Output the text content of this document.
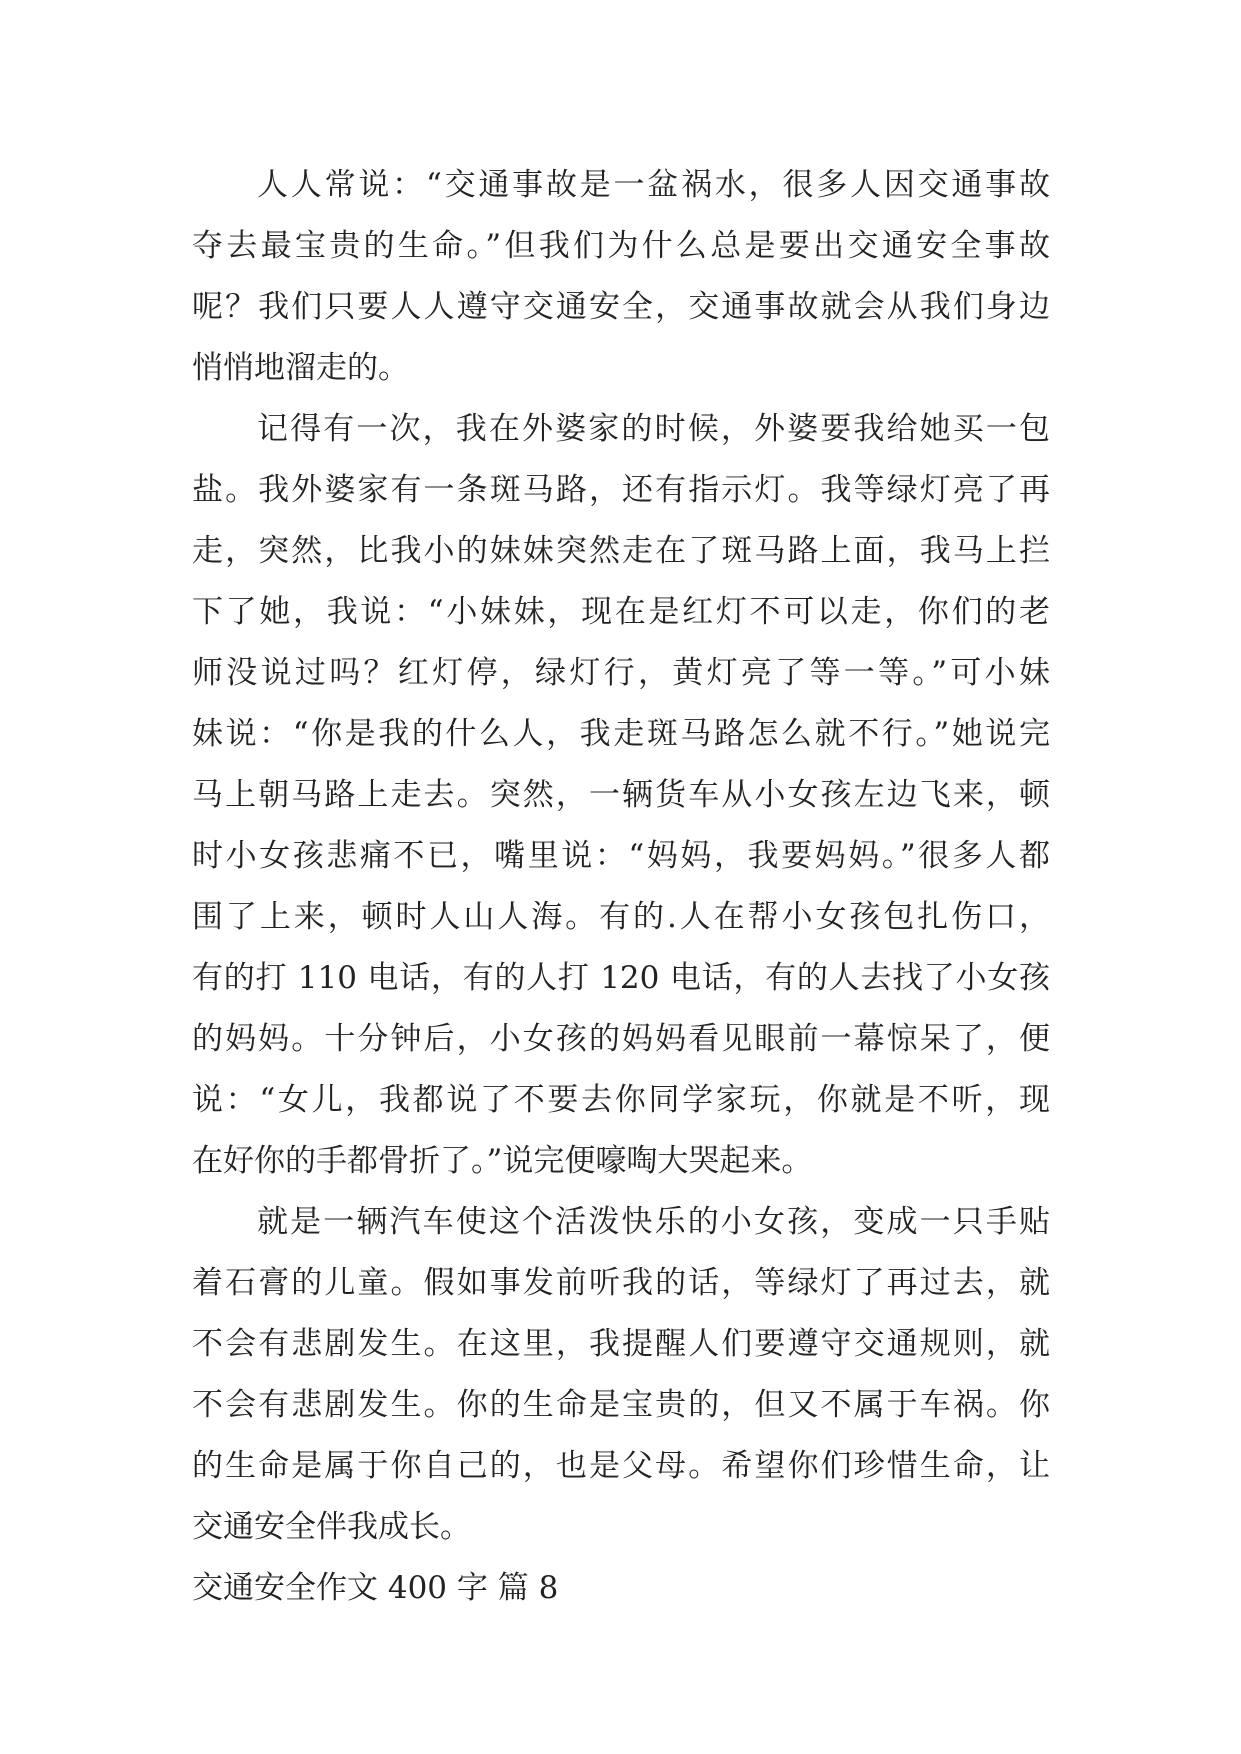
人人常说：“交通事故是一盆祸水，很多人因交通事故
夺去最宝贵的生命。”但我们为什么总是要出交通安全事故
呢？我们只要人人遵守交通安全，交通事故就会从我们身边
悄悄地溜走的。
记得有一次，我在外婆家的时候，外婆要我给她买一包
盐。我外婆家有一条斑马路，还有指示灯。我等绿灯亮了再
走，突然，比我小的妹妹突然走在了斑马路上面，我马上拦
下了她，我说：“小妹妹，现在是红灯不可以走，你们的老
师没说过吗？红灯停，绿灯行，黄灯亮了等一等。”可小妹
妹说：“你是我的什么人，我走斑马路怎么就不行。”她说完
马上朝马路上走去。突然，一辆货车从小女孩左边飞来，顿
时小女孩悲痛不已，嘴里说：“妈妈，我要妈妈。”很多人都
围了上来，顿时人山人海。有的.人在帮小女孩包扎伤口，
有的打 110 电话，有的人打 120 电话，有的人去找了小女孩
的妈妈。十分钟后，小女孩的妈妈看见眼前一幕惊呆了，便
说：“女儿，我都说了不要去你同学家玩，你就是不听，现
在好你的手都骨折了。”说完便嚎啕大哭起来。
就是一辆汽车使这个活泼快乐的小女孩，变成一只手贴
着石膏的儿童。假如事发前听我的话，等绿灯了再过去，就
不会有悲剧发生。在这里，我提醒人们要遵守交通规则，就
不会有悲剧发生。你的生命是宝贵的，但又不属于车祸。你
的生命是属于你自己的，也是父母。希望你们珍惜生命，让
交通安全伴我成长。
交通安全作文 400 字 篇 8
